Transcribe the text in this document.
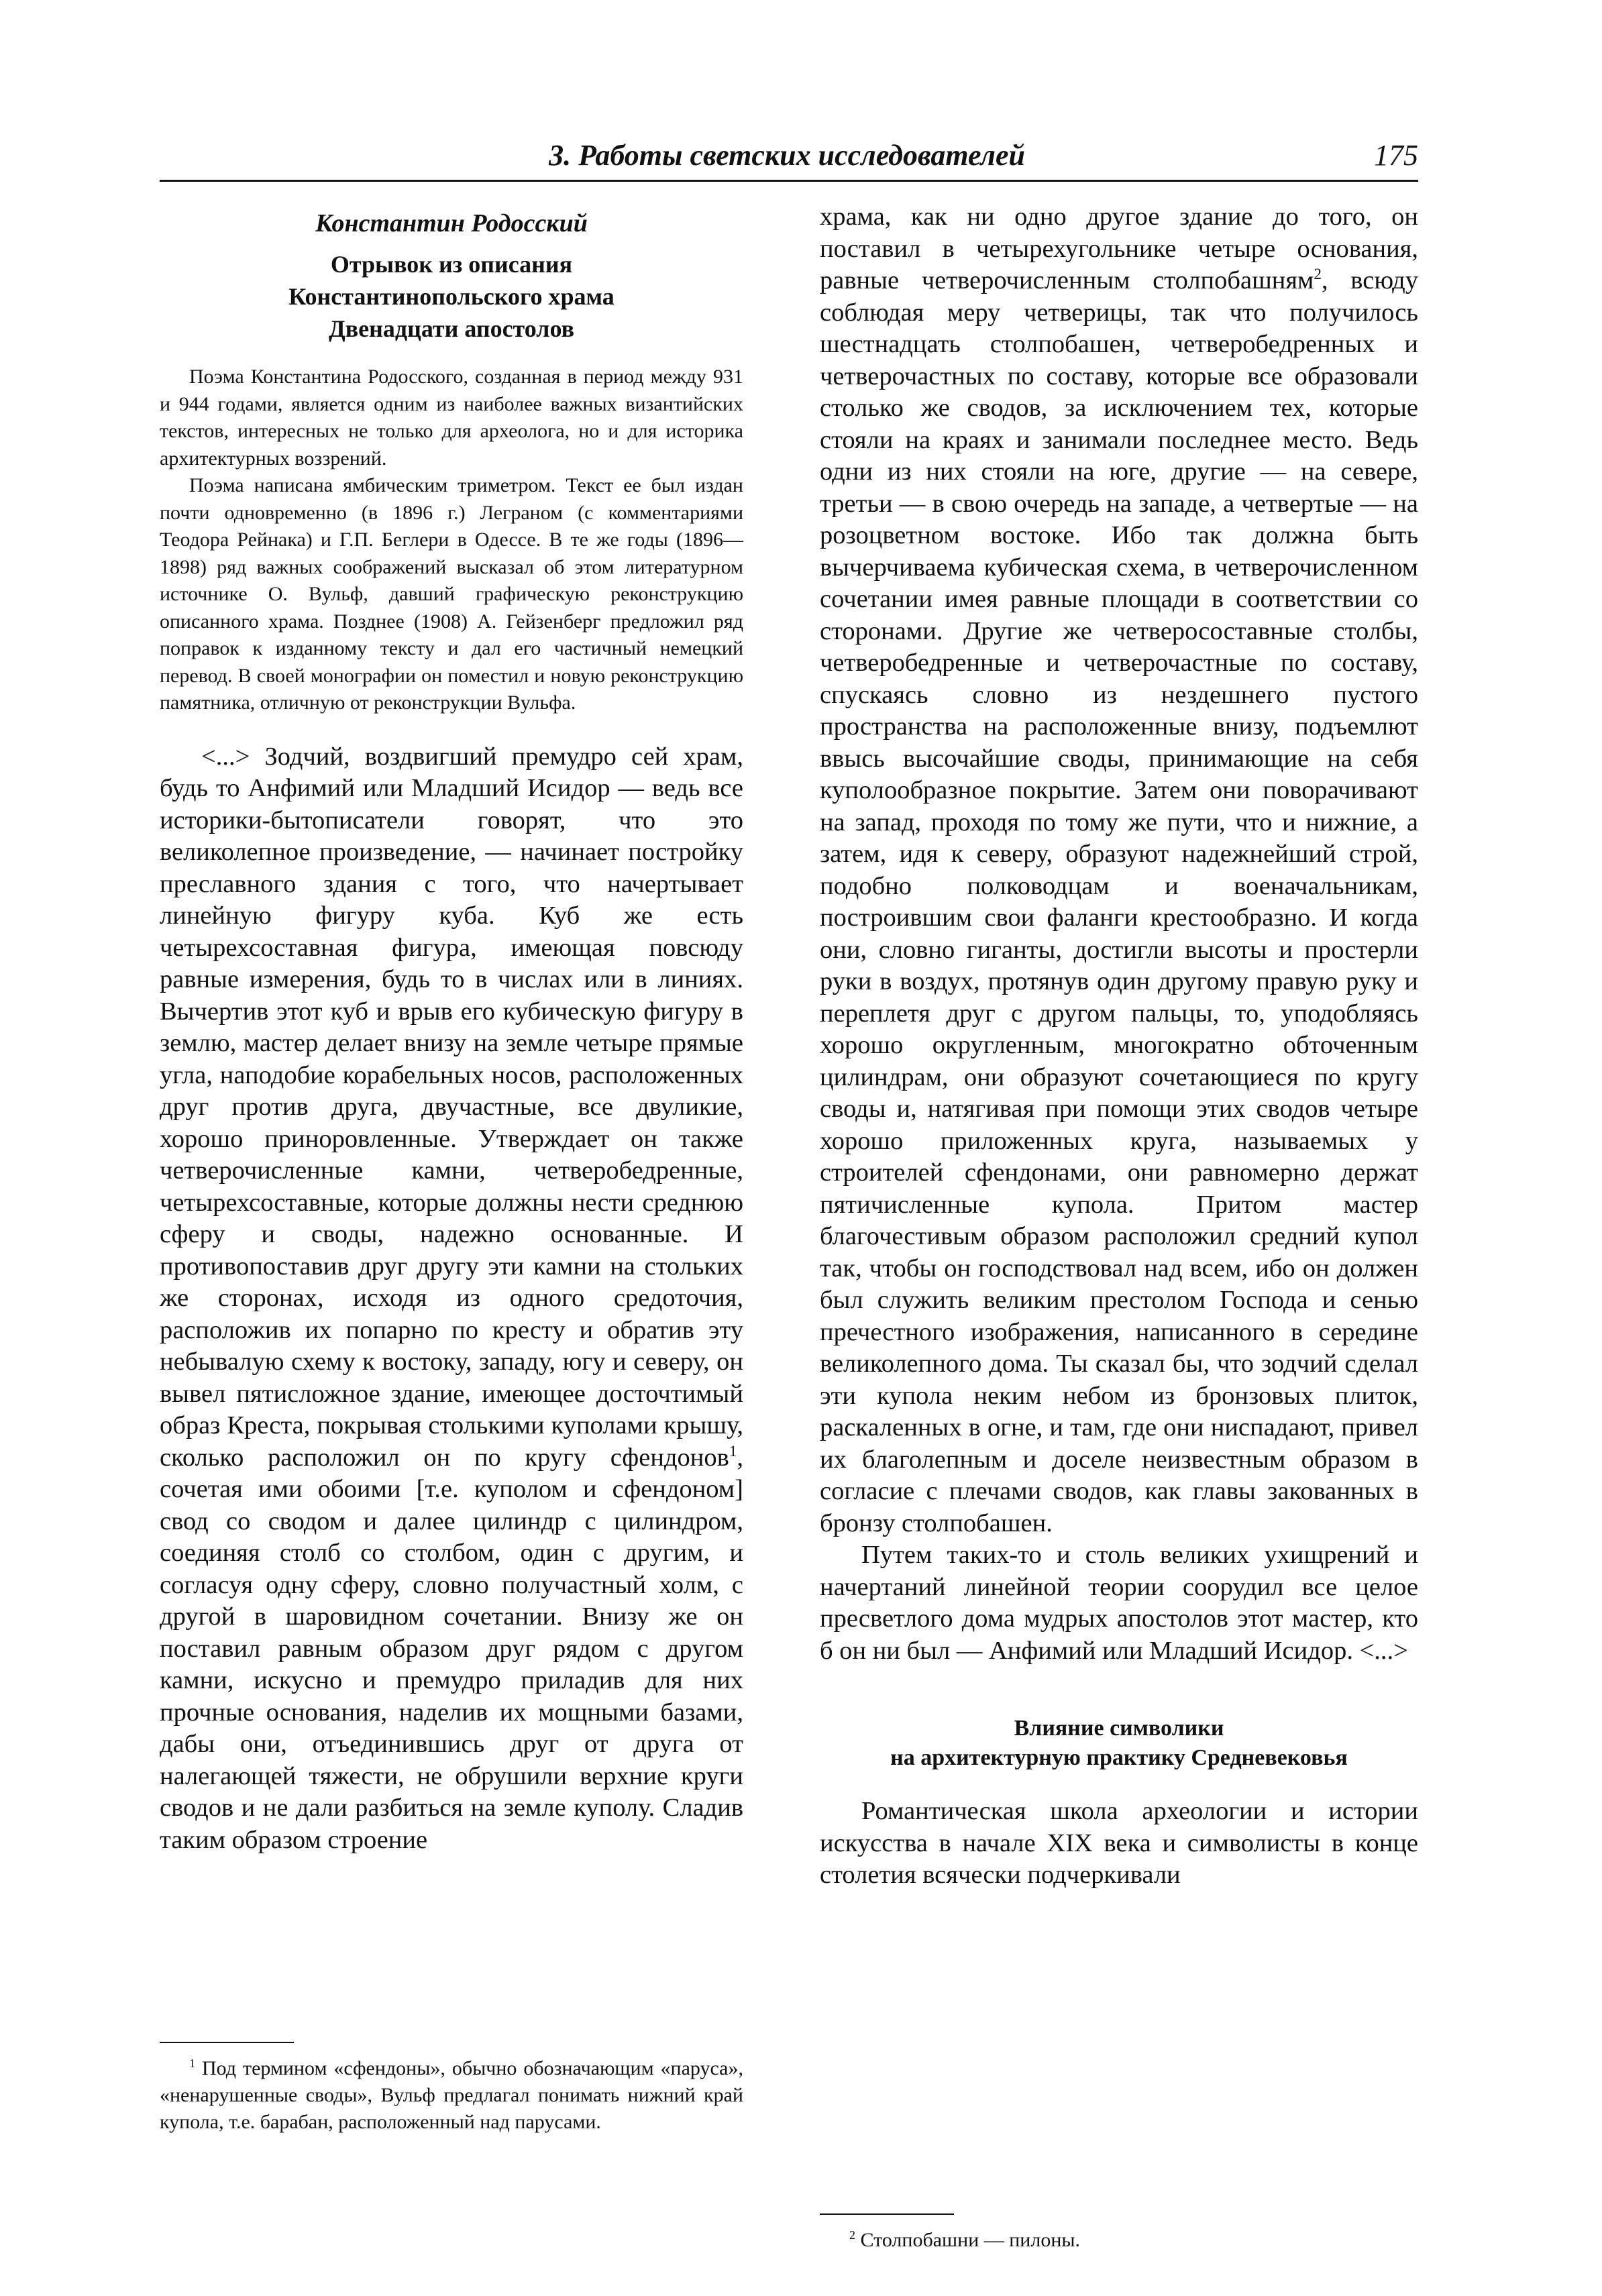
3. Работы светских исследователей	175
Константин Родосский

Отрывок из описания

Константинопольского храма

Двенадцати апостолов

Поэма Константина Родосского, созданная в период между 931 и 944 годами, является одним из наиболее важных византийских текстов, интересных не только для археолога, но и для историка архитектурных воззрений.

Поэма написана ямбическим триметром. Текст ее был издан почти одновременно (в 1896 г.) Леграном (с комментариями Теодора Рейнака) и Г.П. Беглери в Одессе. В те же годы (1896—1898) ряд важных соображений высказал об этом литературном источнике О. Вульф, давший графическую реконструкцию описанного храма. Позднее (1908) А. Гейзенберг предложил ряд поправок к изданному тексту и дал его частичный немецкий перевод. В своей монографии он поместил и новую реконструкцию памятника, отличную от реконструкции Вульфа.

<...> Зодчий, воздвигший премудро сей храм, будь то Анфимий или Младший Исидор — ведь все историки-бытописатели говорят, что это великолепное произведение, — начинает постройку преславного здания с того, что начертывает линейную фигуру куба. Куб же есть четырехсоставная фигура, имеющая повсюду равные измерения, будь то в числах или в линиях. Вычертив этот куб и врыв его кубическую фигуру в землю, мастер делает внизу на земле четыре прямые угла, наподобие корабельных носов, расположенных друг против друга, двучастные, все двуликие, хорошо приноровленные. Утверждает он также четверочисленные камни, четверобедренные, четырехсоставные, которые должны нести среднюю сферу и своды, надежно основанные. И противопоставив друг другу эти камни на стольких же сторонах, исходя из одного средоточия, расположив их попарно по кресту и обратив эту небывалую схему к востоку, западу, югу и северу, он вывел пятисложное здание, имеющее досточтимый образ Креста, покрывая столькими куполами крышу, сколько расположил он по кругу сфендонов$^1$, сочетая ими обоими [т.е. куполом и сфендоном] свод со сводом и далее цилиндр с цилиндром, соединяя столб со столбом, один с другим, и согласуя одну сферу, словно получастный холм, с другой в шаровидном сочетании. Внизу же он поставил равным образом друг рядом с другом камни, искусно и премудро приладив для них прочные основания, наделив их мощными базами, дабы они, отъединившись друг от друга от налегающей тяжести, не обрушили верхние круги сводов и не дали разбиться на земле куполу. Сладив таким образом строение

храма, как ни одно другое здание до того, он поставил в четырехугольнике четыре основания, равные четверочисленным столпобашням$^2$, всюду соблюдая меру четверицы, так что получилось шестнадцать столпобашен, четверобедренных и четверочастных по составу, которые все образовали столько же сводов, за исключением тех, которые стояли на краях и занимали последнее место. Ведь одни из них стояли на юге, другие — на севере, третьи — в свою очередь на западе, а четвертые — на розоцветном востоке. Ибо так должна быть вычерчиваема кубическая схема, в четверочисленном сочетании имея равные площади в соответствии со сторонами. Другие же четверосоставные столбы, четверобедренные и четверочастные по составу, спускаясь словно из нездешнего пустого пространства на расположенные внизу, подъемлют ввысь высочайшие своды, принимающие на себя куполообразное покрытие. Затем они поворачивают на запад, проходя по тому же пути, что и нижние, а затем, идя к северу, образуют надежнейший строй, подобно полководцам и военачальникам, построившим свои фаланги крестообразно. И когда они, словно гиганты, достигли высоты и простерли руки в воздух, протянув один другому правую руку и переплетя друг с другом пальцы, то, уподобляясь хорошо округленным, многократно обточенным цилиндрам, они образуют сочетающиеся по кругу своды и, натягивая при помощи этих сводов четыре хорошо приложенных круга, называемых у строителей сфендонами, они равномерно держат пятичисленные купола. Притом мастер благочестивым образом расположил средний купол так, чтобы он господствовал над всем, ибо он должен был служить великим престолом Господа и сенью пречестного изображения, написанного в середине великолепного дома. Ты сказал бы, что зодчий сделал эти купола неким небом из бронзовых плиток, раскаленных в огне, и там, где они ниспадают, привел их благолепным и доселе неизвестным образом в согласие с плечами сводов, как главы закованных в бронзу столпобашен.

Путем таких-то и столь великих ухищрений и начертаний линейной теории соорудил все целое пресветлого дома мудрых апостолов этот мастер, кто б он ни был — Анфимий или Младший Исидор. <...>

Влияние символики
на архитектурную практику Средневековья

Романтическая школа археологии и истории искусства в начале XIX века и символисты в конце столетия всячески подчеркивали

$^1$ Под термином «сфендоны», обычно обозначающим «паруса», «ненарушенные своды», Вульф предлагал понимать нижний край купола, т.е. барабан, расположенный над парусами.

$^2$ Столпобашни — пилоны.
